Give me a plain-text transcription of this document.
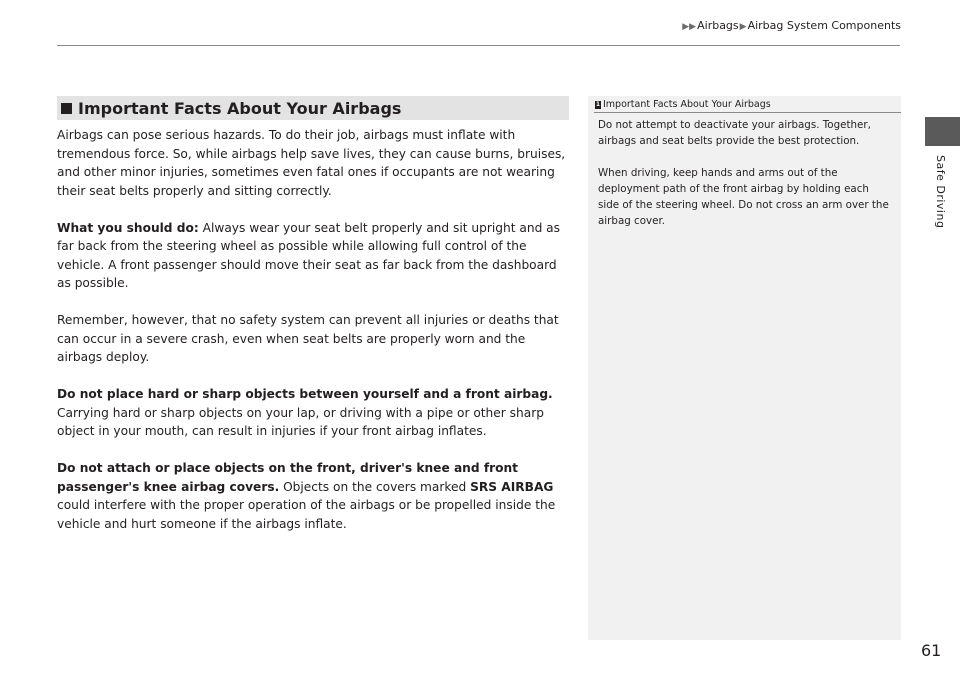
▶▶Airbags▶Airbag System Components
Safe Driving
Important Facts About Your Airbags

Airbags can pose serious hazards. To do their job, airbags must inflate with tremendous force. So, while airbags help save lives, they can cause burns, bruises, and other minor injuries, sometimes even fatal ones if occupants are not wearing their seat belts properly and sitting correctly.

What you should do: Always wear your seat belt properly and sit upright and as far back from the steering wheel as possible while allowing full control of the vehicle. A front passenger should move their seat as far back from the dashboard as possible.

Remember, however, that no safety system can prevent all injuries or deaths that can occur in a severe crash, even when seat belts are properly worn and the airbags deploy.

Do not place hard or sharp objects between yourself and a front airbag.
Carrying hard or sharp objects on your lap, or driving with a pipe or other sharp object in your mouth, can result in injuries if your front airbag inflates.

Do not attach or place objects on the front, driver's knee and front passenger's knee airbag covers. Objects on the covers marked SRS AIRBAG could interfere with the proper operation of the airbags or be propelled inside the vehicle and hurt someone if the airbags inflate.

1 Important Facts About Your Airbags

Do not attempt to deactivate your airbags. Together, airbags and seat belts provide the best protection.

When driving, keep hands and arms out of the deployment path of the front airbag by holding each side of the steering wheel. Do not cross an arm over the airbag cover.

61
